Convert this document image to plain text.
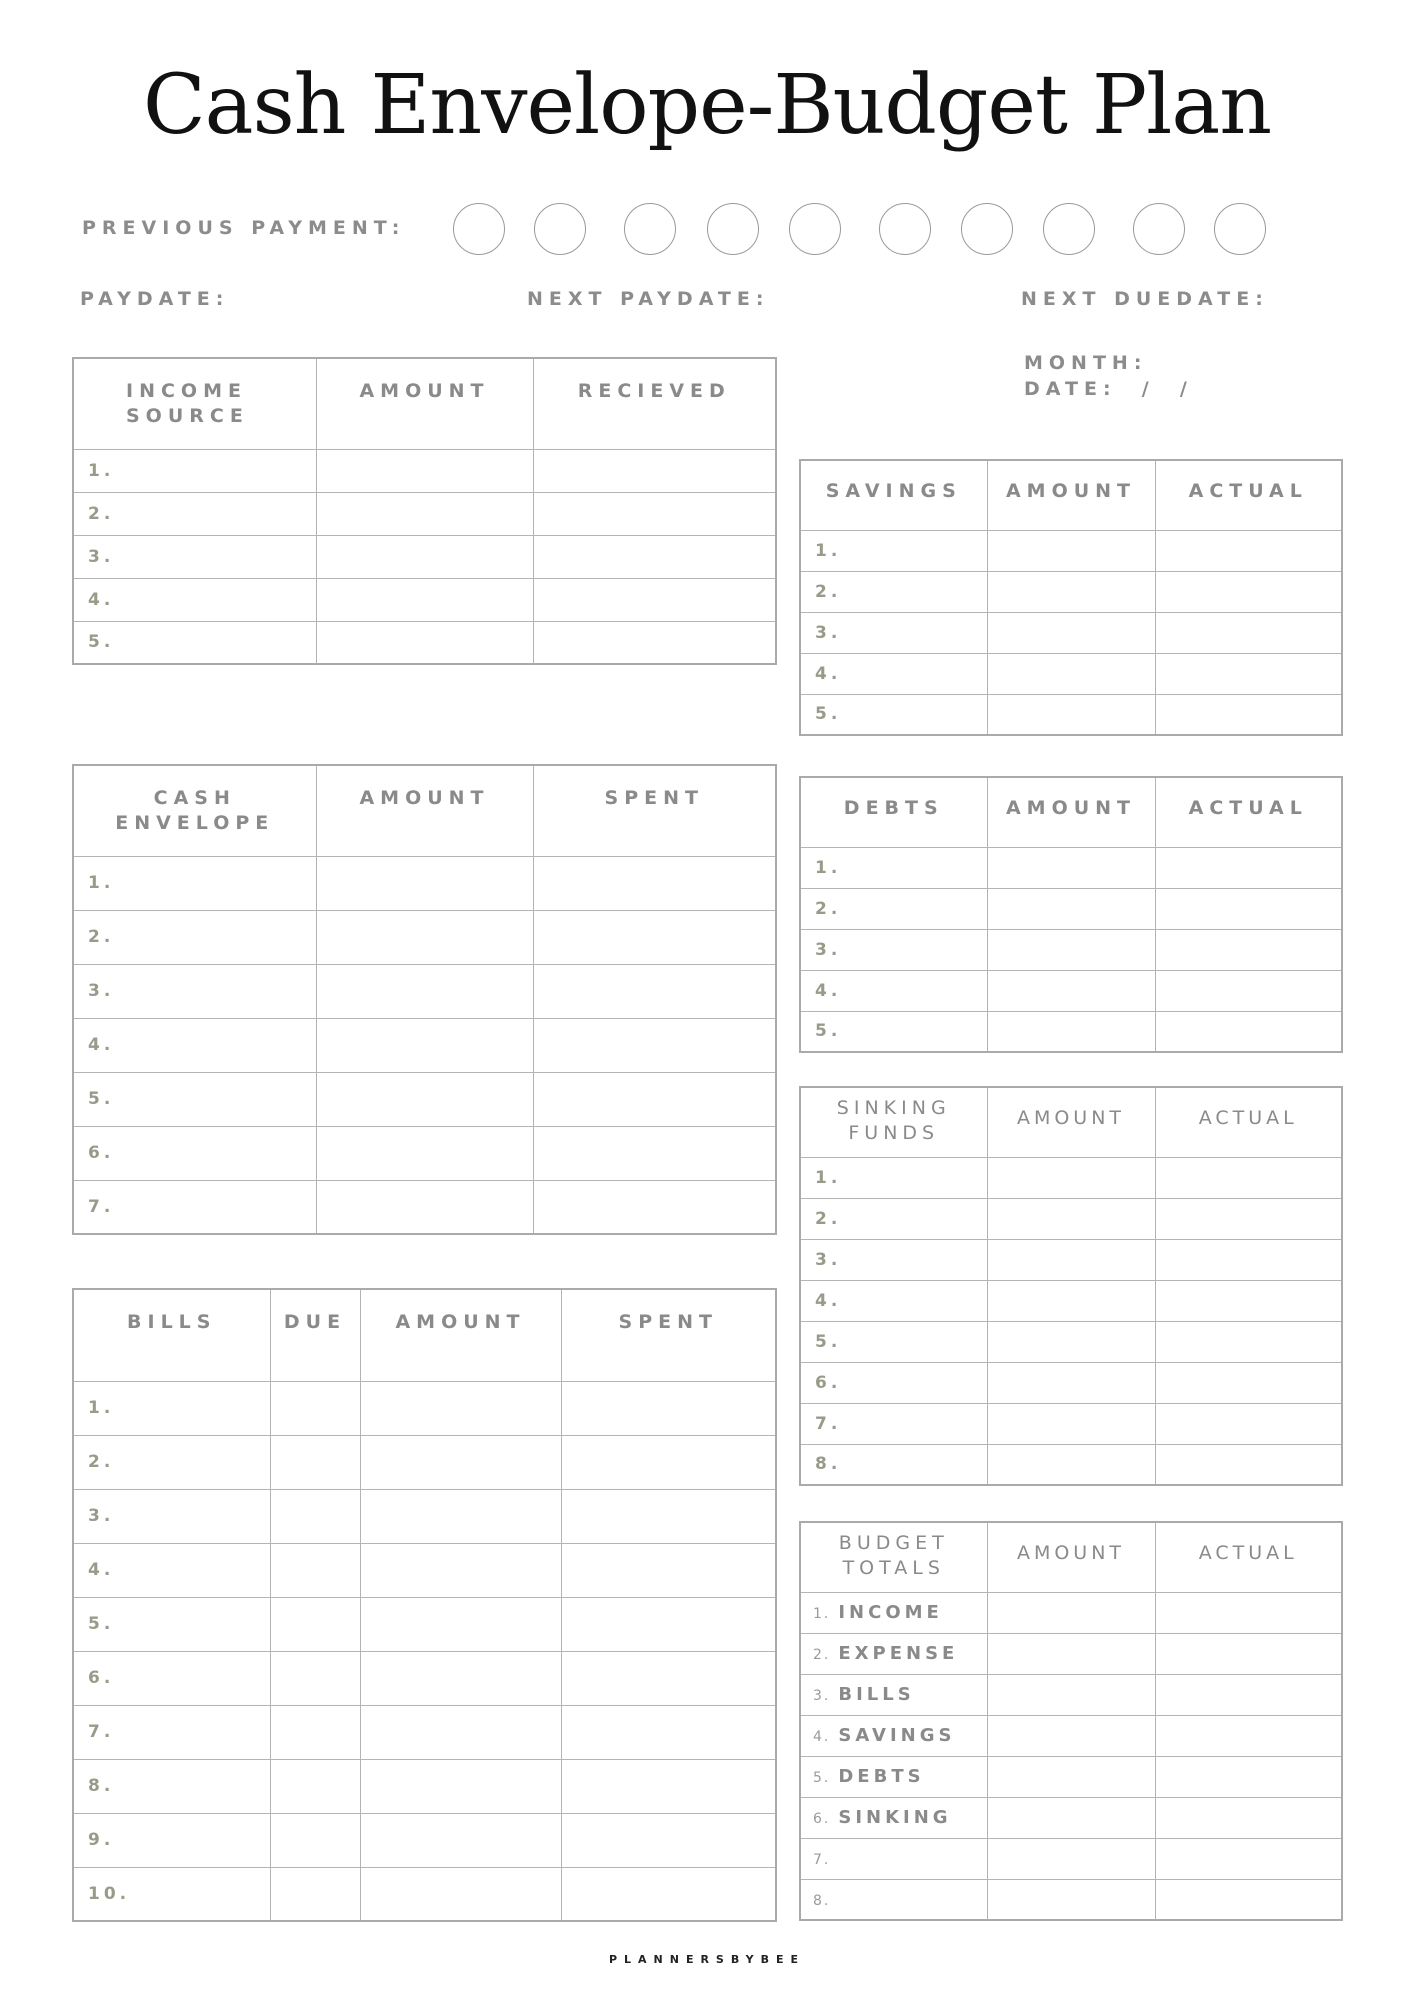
Cash Envelope-Budget Plan
PREVIOUS PAYMENT:
PAYDATE:	NEXT PAYDATE:	NEXT DUEDATE:
MONTH:
DATE:  /  /
INCOME SOURCE	AMOUNT	RECIEVED
1.		
2.		
3.		
4.		
5.		
CASH ENVELOPE	AMOUNT	SPENT
1.		
2.		
3.		
4.		
5.		
6.		
7.		
BILLS	DUE	AMOUNT	SPENT
1.			
2.			
3.			
4.			
5.			
6.			
7.			
8.			
9.			
10.			
SAVINGS	AMOUNT	ACTUAL
1.		
2.		
3.		
4.		
5.		
DEBTS	AMOUNT	ACTUAL
1.		
2.		
3.		
4.		
5.		
SINKING FUNDS	AMOUNT	ACTUAL
1.		
2.		
3.		
4.		
5.		
6.		
7.		
8.		
BUDGET TOTALS	AMOUNT	ACTUAL
1. INCOME		
2. EXPENSE		
3. BILLS		
4. SAVINGS		
5. DEBTS		
6. SINKING		
7.		
8.		
PLANNERSBYBEE
